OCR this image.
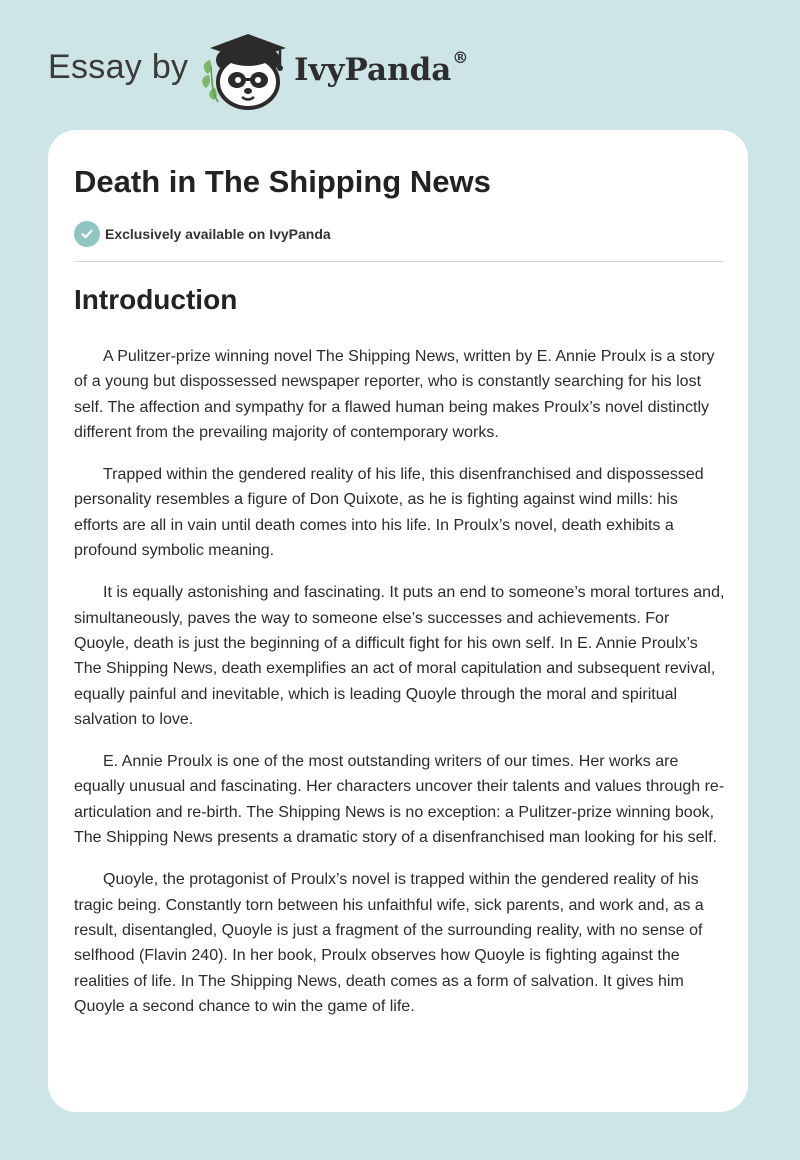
Essay by	IvyPanda®
Death in The Shipping News
Exclusively available on IvyPanda
Introduction

A Pulitzer-prize winning novel The Shipping News, written by E. Annie Proulx is a story of a young but dispossessed newspaper reporter, who is constantly searching for his lost self. The affection and sympathy for a flawed human being makes Proulx’s novel distinctly different from the prevailing majority of contemporary works.

Trapped within the gendered reality of his life, this disenfranchised and dispossessed personality resembles a figure of Don Quixote, as he is fighting against wind mills: his efforts are all in vain until death comes into his life. In Proulx’s novel, death exhibits a profound symbolic meaning.

It is equally astonishing and fascinating. It puts an end to someone’s moral tortures and, simultaneously, paves the way to someone else’s successes and achievements. For Quoyle, death is just the beginning of a difficult fight for his own self. In E. Annie Proulx’s The Shipping News, death exemplifies an act of moral capitulation and subsequent revival, equally painful and inevitable, which is leading Quoyle through the moral and spiritual salvation to love.

E. Annie Proulx is one of the most outstanding writers of our times. Her works are equally unusual and fascinating. Her characters uncover their talents and values through re-articulation and re-birth. The Shipping News is no exception: a Pulitzer-prize winning book, The Shipping News presents a dramatic story of a disenfranchised man looking for his self.

Quoyle, the protagonist of Proulx’s novel is trapped within the gendered reality of his tragic being. Constantly torn between his unfaithful wife, sick parents, and work and, as a result, disentangled, Quoyle is just a fragment of the surrounding reality, with no sense of selfhood (Flavin 240). In her book, Proulx observes how Quoyle is fighting against the realities of life. In The Shipping News, death comes as a form of salvation. It gives him Quoyle a second chance to win the game of life.
